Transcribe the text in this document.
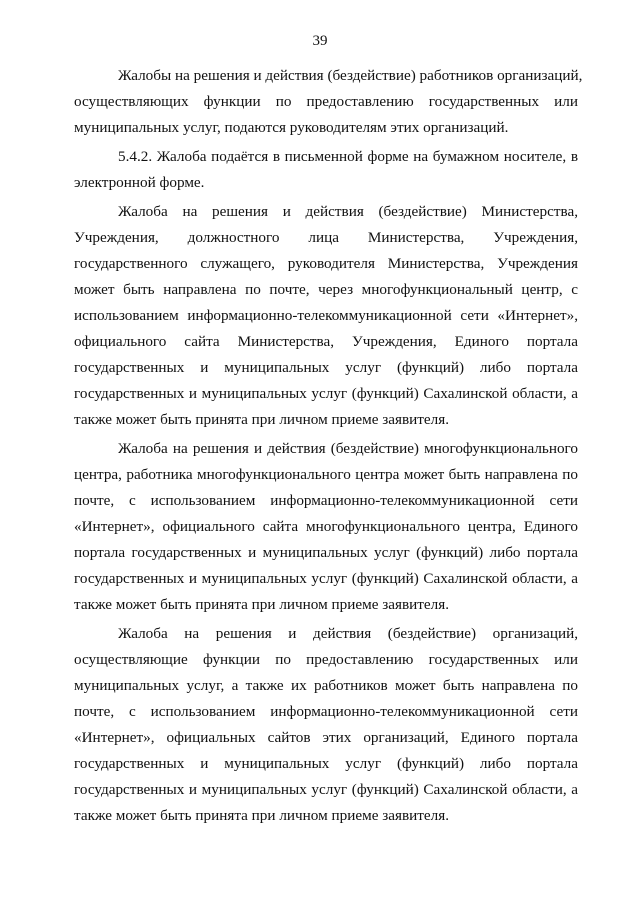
39
Жалобы на решения и действия (бездействие) работников организаций,
осуществляющих функции по предоставлению государственных или
муниципальных услуг, подаются руководителям этих организаций.
5.4.2. Жалоба подаётся в письменной форме на бумажном носителе, в
электронной форме.
Жалоба на решения и действия (бездействие) Министерства,
Учреждения, должностного лица Министерства, Учреждения,
государственного служащего, руководителя Министерства, Учреждения
может быть направлена по почте, через многофункциональный центр, с
использованием информационно-телекоммуникационной сети «Интернет»,
официального сайта Министерства, Учреждения, Единого портала
государственных и муниципальных услуг (функций) либо портала
государственных и муниципальных услуг (функций) Сахалинской области, а
также может быть принята при личном приеме заявителя.
Жалоба на решения и действия (бездействие) многофункционального
центра, работника многофункционального центра может быть направлена по
почте, с использованием информационно-телекоммуникационной сети
«Интернет», официального сайта многофункционального центра, Единого
портала государственных и муниципальных услуг (функций) либо портала
государственных и муниципальных услуг (функций) Сахалинской области, а
также может быть принята при личном приеме заявителя.
Жалоба на решения и действия (бездействие) организаций,
осуществляющие функции по предоставлению государственных или
муниципальных услуг, а также их работников может быть направлена по
почте, с использованием информационно-телекоммуникационной сети
«Интернет», официальных сайтов этих организаций, Единого портала
государственных и муниципальных услуг (функций) либо портала
государственных и муниципальных услуг (функций) Сахалинской области, а
также может быть принята при личном приеме заявителя.
